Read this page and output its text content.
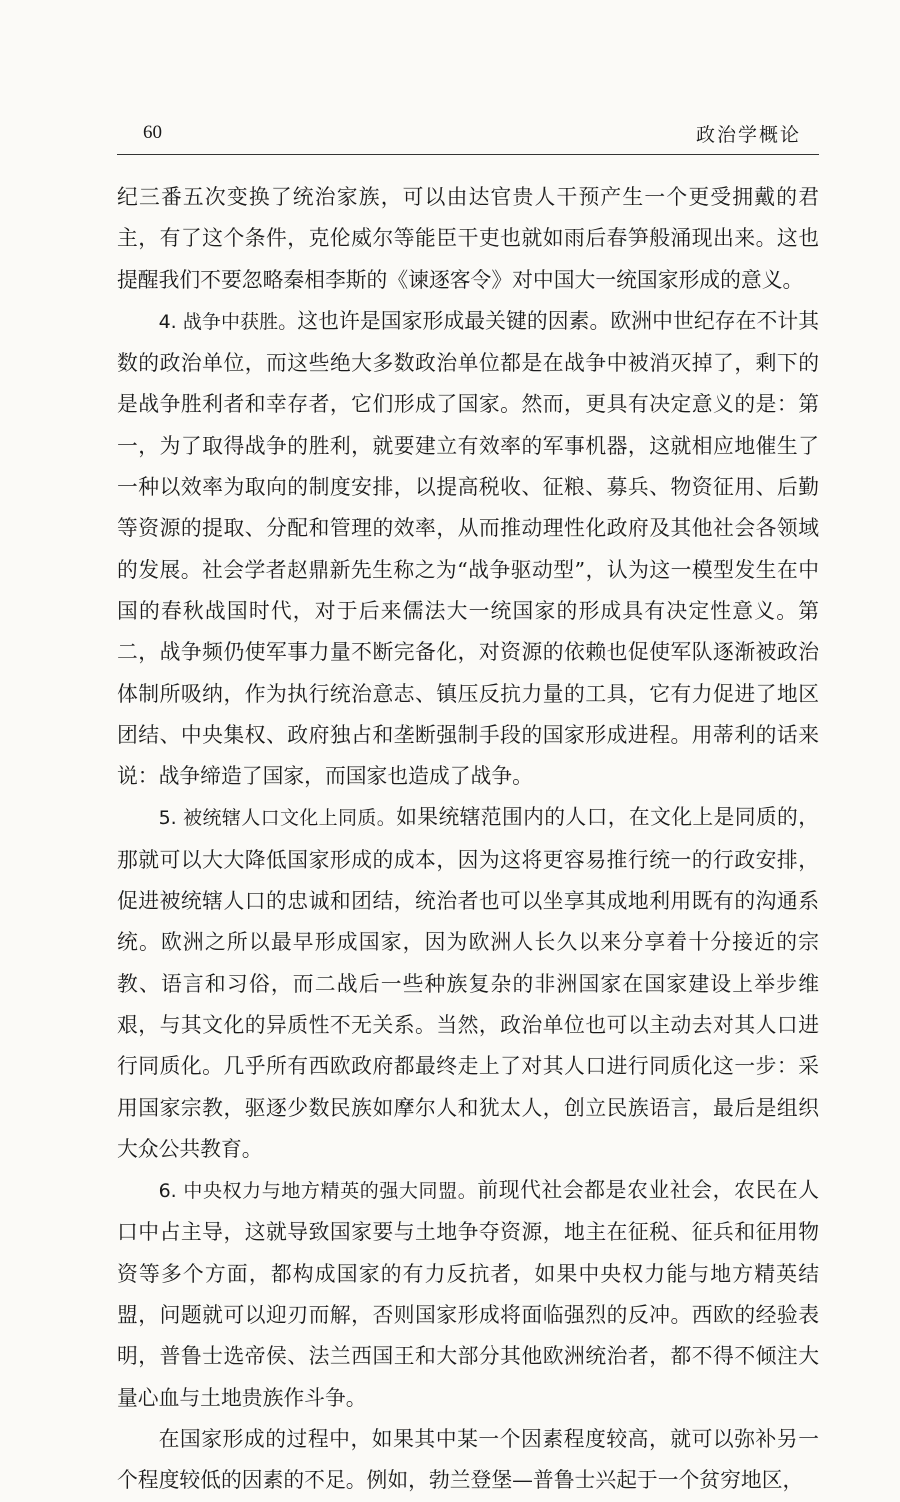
60	政治学概论

纪三番五次变换了统治家族，可以由达官贵人干预产生一个更受拥戴的君主，有了这个条件，克伦威尔等能臣干吏也就如雨后春笋般涌现出来。这也提醒我们不要忽略秦相李斯的《谏逐客令》对中国大一统国家形成的意义。

4. 战争中获胜。这也许是国家形成最关键的因素。欧洲中世纪存在不计其数的政治单位，而这些绝大多数政治单位都是在战争中被消灭掉了，剩下的是战争胜利者和幸存者，它们形成了国家。然而，更具有决定意义的是：第一，为了取得战争的胜利，就要建立有效率的军事机器，这就相应地催生了一种以效率为取向的制度安排，以提高税收、征粮、募兵、物资征用、后勤等资源的提取、分配和管理的效率，从而推动理性化政府及其他社会各领域的发展。社会学者赵鼎新先生称之为“战争驱动型”，认为这一模型发生在中国的春秋战国时代，对于后来儒法大一统国家的形成具有决定性意义。第二，战争频仍使军事力量不断完备化，对资源的依赖也促使军队逐渐被政治体制所吸纳，作为执行统治意志、镇压反抗力量的工具，它有力促进了地区团结、中央集权、政府独占和垄断强制手段的国家形成进程。用蒂利的话来说：战争缔造了国家，而国家也造成了战争。

5. 被统辖人口文化上同质。如果统辖范围内的人口，在文化上是同质的，那就可以大大降低国家形成的成本，因为这将更容易推行统一的行政安排，促进被统辖人口的忠诚和团结，统治者也可以坐享其成地利用既有的沟通系统。欧洲之所以最早形成国家，因为欧洲人长久以来分享着十分接近的宗教、语言和习俗，而二战后一些种族复杂的非洲国家在国家建设上举步维艰，与其文化的异质性不无关系。当然，政治单位也可以主动去对其人口进行同质化。几乎所有西欧政府都最终走上了对其人口进行同质化这一步：采用国家宗教，驱逐少数民族如摩尔人和犹太人，创立民族语言，最后是组织大众公共教育。

6. 中央权力与地方精英的强大同盟。前现代社会都是农业社会，农民在人口中占主导，这就导致国家要与土地争夺资源，地主在征税、征兵和征用物资等多个方面，都构成国家的有力反抗者，如果中央权力能与地方精英结盟，问题就可以迎刃而解，否则国家形成将面临强烈的反冲。西欧的经验表明，普鲁士选帝侯、法兰西国王和大部分其他欧洲统治者，都不得不倾注大量心血与土地贵族作斗争。

在国家形成的过程中，如果其中某一个因素程度较高，就可以弥补另一个程度较低的因素的不足。例如，勃兰登堡—普鲁士兴起于一个贫穷地区，
